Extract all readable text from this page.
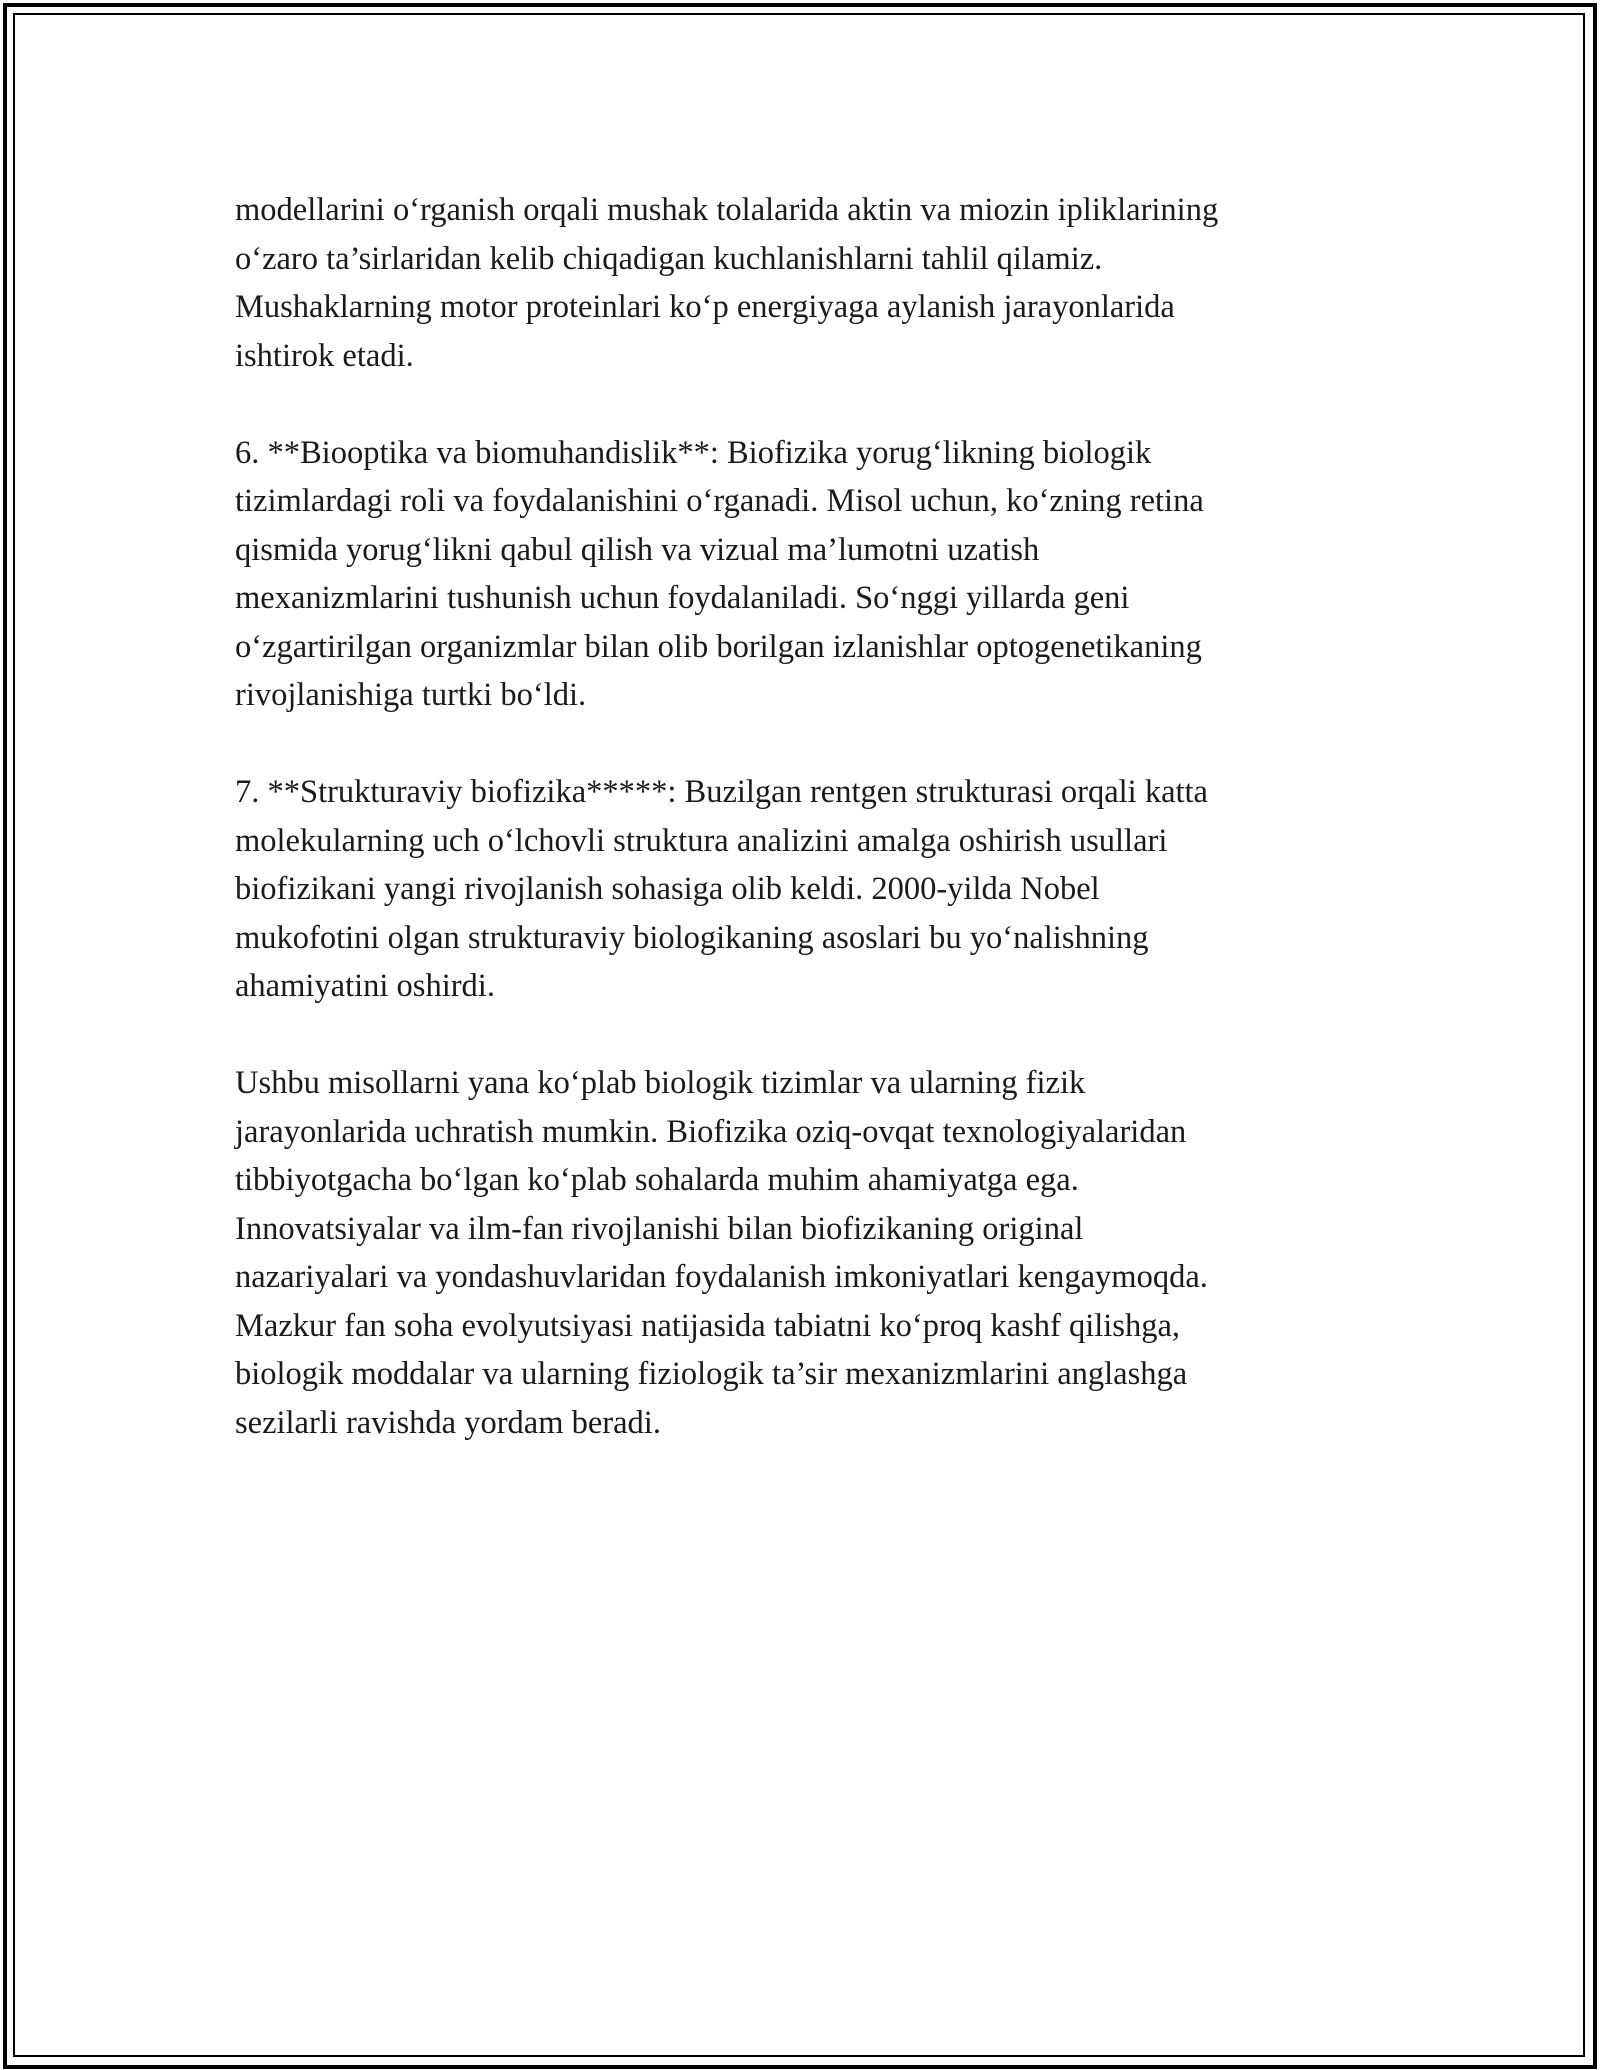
modellarini oʻrganish orqali mushak tolalarida aktin va miozin ipliklarining
oʻzaro ta’sirlaridan kelib chiqadigan kuchlanishlarni tahlil qilamiz.
Mushaklarning motor proteinlari koʻp energiyaga aylanish jarayonlarida
ishtirok etadi.

6. **Biooptika va biomuhandislik**: Biofizika yorugʻlikning biologik
tizimlardagi roli va foydalanishini oʻrganadi. Misol uchun, koʻzning retina
qismida yorugʻlikni qabul qilish va vizual ma’lumotni uzatish
mexanizmlarini tushunish uchun foydalaniladi. Soʻnggi yillarda geni
oʻzgartirilgan organizmlar bilan olib borilgan izlanishlar optogenetikaning
rivojlanishiga turtki boʻldi.

7. **Strukturaviy biofizika*****: Buzilgan rentgen strukturasi orqali katta
molekularning uch oʻlchovli struktura analizini amalga oshirish usullari
biofizikani yangi rivojlanish sohasiga olib keldi. 2000-yilda Nobel
mukofotini olgan strukturaviy biologikaning asoslari bu yoʻnalishning
ahamiyatini oshirdi.

Ushbu misollarni yana koʻplab biologik tizimlar va ularning fizik
jarayonlarida uchratish mumkin. Biofizika oziq-ovqat texnologiyalaridan
tibbiyotgacha boʻlgan koʻplab sohalarda muhim ahamiyatga ega.
Innovatsiyalar va ilm-fan rivojlanishi bilan biofizikaning original
nazariyalari va yondashuvlaridan foydalanish imkoniyatlari kengaymoqda.
Mazkur fan soha evolyutsiyasi natijasida tabiatni koʻproq kashf qilishga,
biologik moddalar va ularning fiziologik ta’sir mexanizmlarini anglashga
sezilarli ravishda yordam beradi.
